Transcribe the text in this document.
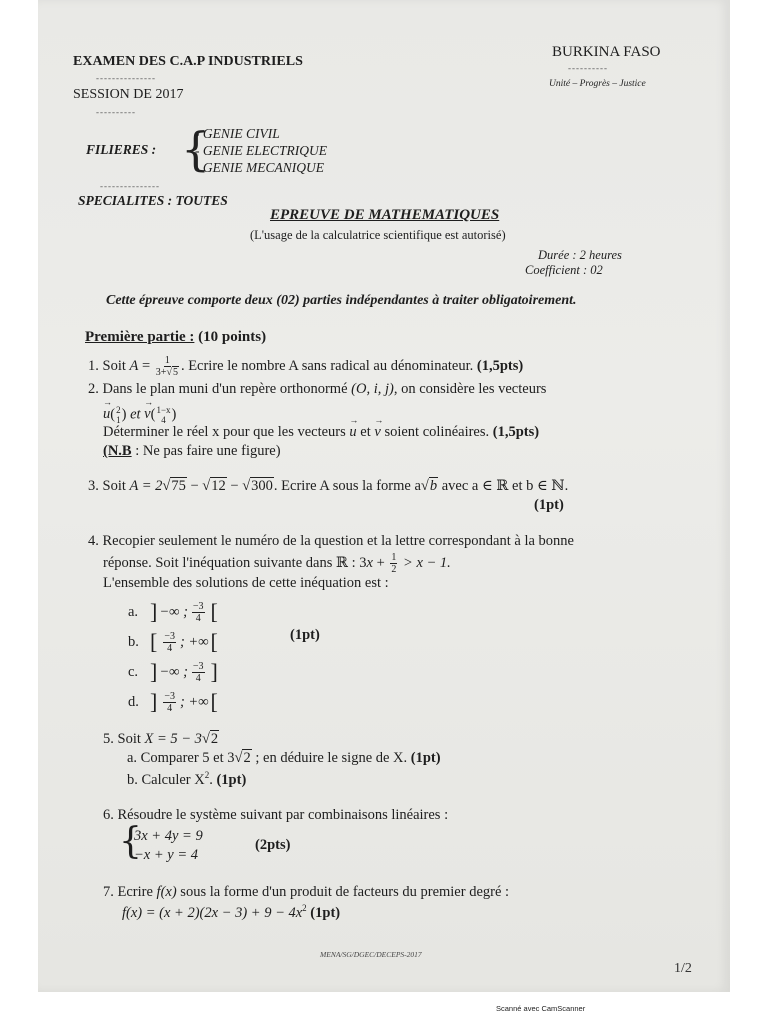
EXAMEN DES C.A.P INDUSTRIELS
---------------
SESSION DE 2017
----------
FILIERES : {
- GENIE CIVIL
- GENIE ELECTRIQUE
- GENIE MECANIQUE
---------------
SPECIALITES : TOUTES
BURKINA FASO
----------
Unité – Progrès – Justice
EPREUVE DE MATHEMATIQUES
(L'usage de la calculatrice scientifique est autorisé)
Durée : 2 heures
Coefficient : 02
Cette épreuve comporte deux (02) parties indépendantes à traiter obligatoirement.
Première partie : (10 points)
1. Soit $A = \frac{1}{3+√5}$ . Ecrire le nombre A sans radical au dénominateur. (1,5pts)
2. Dans le plan muni d'un repère orthonormé (O, i, j), on considère les vecteurs
→ u( 2
1 ) et → v( 1−x
4 )
Déterminer le réel x pour que les vecteurs → u et → v soient colinéaires. (1,5pts)
(N.B : Ne pas faire une figure)
3. Soit A = 2√75 − √12 − √300. Ecrire A sous la forme a√b avec a ∈ ℝ et b ∈ ℕ.
(1pt)
4. Recopier seulement le numéro de la question et la lettre correspondant à la bonne
réponse. Soit l'inéquation suivante dans ℝ : $3x + \frac{1}{2} > x - 1$.
L'ensemble des solutions de cette inéquation est :
a. ] −∞ ; $\frac{-3}{4}$ [
b. [ $\frac{-3}{4}$ ; +∞ [
c. ] −∞ ; $\frac{-3}{4}$ ]
d. ] $\frac{-3}{4}$ ; +∞ [
(1pt)
5. Soit X = 5 − 3√2
a. Comparer 5 et 3√2 ; en déduire le signe de X. (1pt)
b. Calculer $X^2$. (1pt)
6. Résoudre le système suivant par combinaisons linéaires :
{
3x + 4y = 9
−x + y = 4
(2pts)
7. Ecrire f(x) sous la forme d'un produit de facteurs du premier degré :
$f(x) = (x + 2)(2x - 3) + 9 - 4x^2$ (1pt)
MENA/SG/DGEC/DECEPS-2017
1/2
Scanné avec CamScanner
